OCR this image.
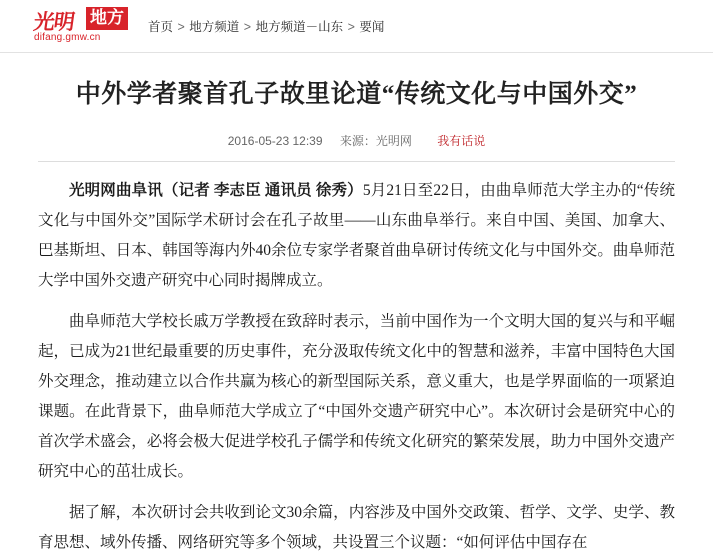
光明 地方
difang.gmw.cn
首页 > 地方频道 > 地方频道－山东 > 要闻
中外学者聚首孔子故里论道“传统文化与中国外交”
2016-05-23 12:39 来源：光明网 我有话说

光明网曲阜讯（记者 李志臣 通讯员 徐秀）5月21日至22日，由曲阜师范大学主办的“传统文化与中国外交”国际学术研讨会在孔子故里——山东曲阜举行。来自中国、美国、加拿大、巴基斯坦、日本、韩国等海内外40余位专家学者聚首曲阜研讨传统文化与中国外交。曲阜师范大学中国外交遗产研究中心同时揭牌成立。

曲阜师范大学校长戚万学教授在致辞时表示，当前中国作为一个文明大国的复兴与和平崛起，已成为21世纪最重要的历史事件，充分汲取传统文化中的智慧和滋养，丰富中国特色大国外交理念，推动建立以合作共赢为核心的新型国际关系，意义重大，也是学界面临的一项紧迫课题。在此背景下，曲阜师范大学成立了“中国外交遗产研究中心”。本次研讨会是研究中心的首次学术盛会，必将会极大促进学校孔子儒学和传统文化研究的繁荣发展，助力中国外交遗产研究中心的茁壮成长。

据了解，本次研讨会共收到论文30余篇，内容涉及中国外交政策、哲学、文学、史学、教育思想、域外传播、网络研究等多个领域，共设置三个议题：“如何评估中国存在
